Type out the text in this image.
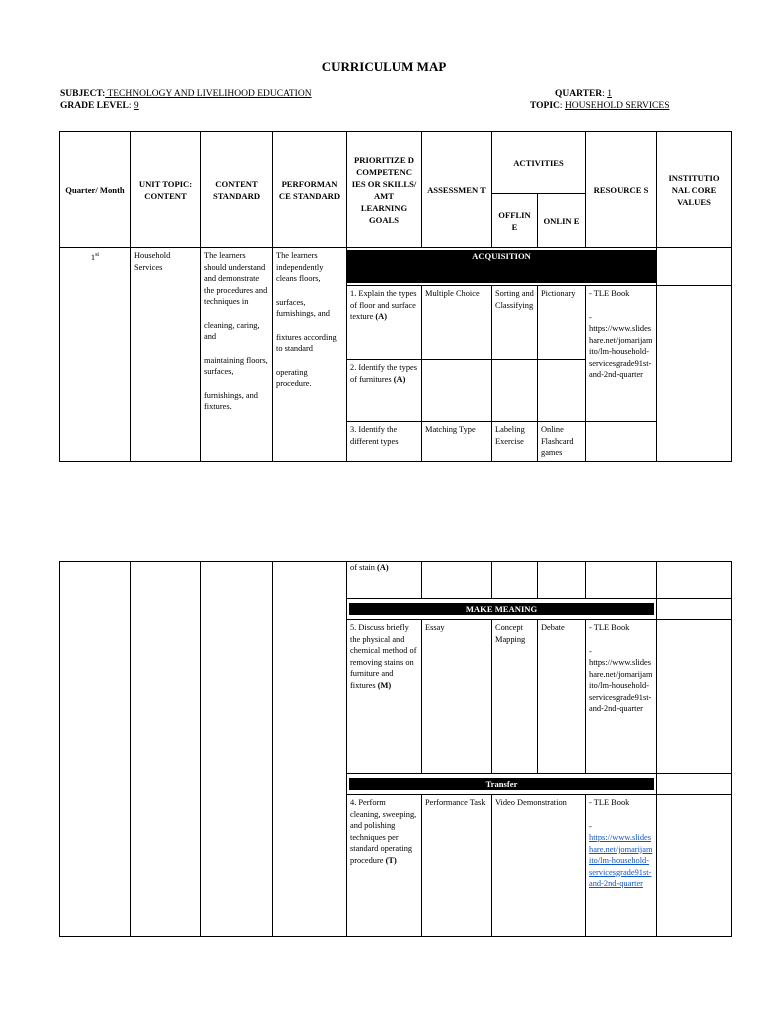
CURRICULUM MAP
SUBJECT: TECHNOLOGY AND LIVELIHOOD EDUCATION
GRADE LEVEL: 9
QUARTER: 1
TOPIC: HOUSEHOLD SERVICES
Quarter/ Month	UNIT TOPIC: CONTENT	CONTENT STANDARD	PERFORMAN CE STANDARD	PRIORITIZE D COMPETENC IES OR SKILLS/ AMT LEARNING GOALS	ASSESSMEN T	ACTIVITIES		RESOURCE S	INSTITUTIO NAL CORE VALUES
						OFFLIN E	ONLIN E		
1st	Household Services	The learners should understand and demonstrate the procedures and techniques in
cleaning, caring, and
maintaining floors, surfaces,
furnishings, and fixtures.	The learners independently cleans floors,
surfaces, furnishings, and
fixtures according to standard
operating procedure.	ACQUISITION					

				1. Explain the types of floor and surface texture (A)	Multiple Choice	Sorting and Classifying	Pictionary	- TLE Book
-
https://www.slideshare.net/jomarijamito/lm-household-servicesgrade91st-and-2nd-quarter	

				2. Identify the types of furnitures (A)					
				3. Identify the different types	Matching Type	Labeling Exercise	Online Flashcard games		
				of stain (A)					

				MAKE MEANING					

				5. Discuss briefly the physical and chemical method of removing stains on furniture and fixtures (M)	Essay	Concept Mapping	Debate	- TLE Book
-
https://www.slideshare.net/jomarijamito/lm-household-servicesgrade91st-and-2nd-quarter	

				Transfer					

				4. Perform cleaning, sweeping, and polishing techniques per standard operating procedure (T)	Performance Task	Video Demonstration		- TLE Book
-
https://www.slideshare.net/jomarijamito/lm-household-servicesgrade91st-and-2nd-quarter	
